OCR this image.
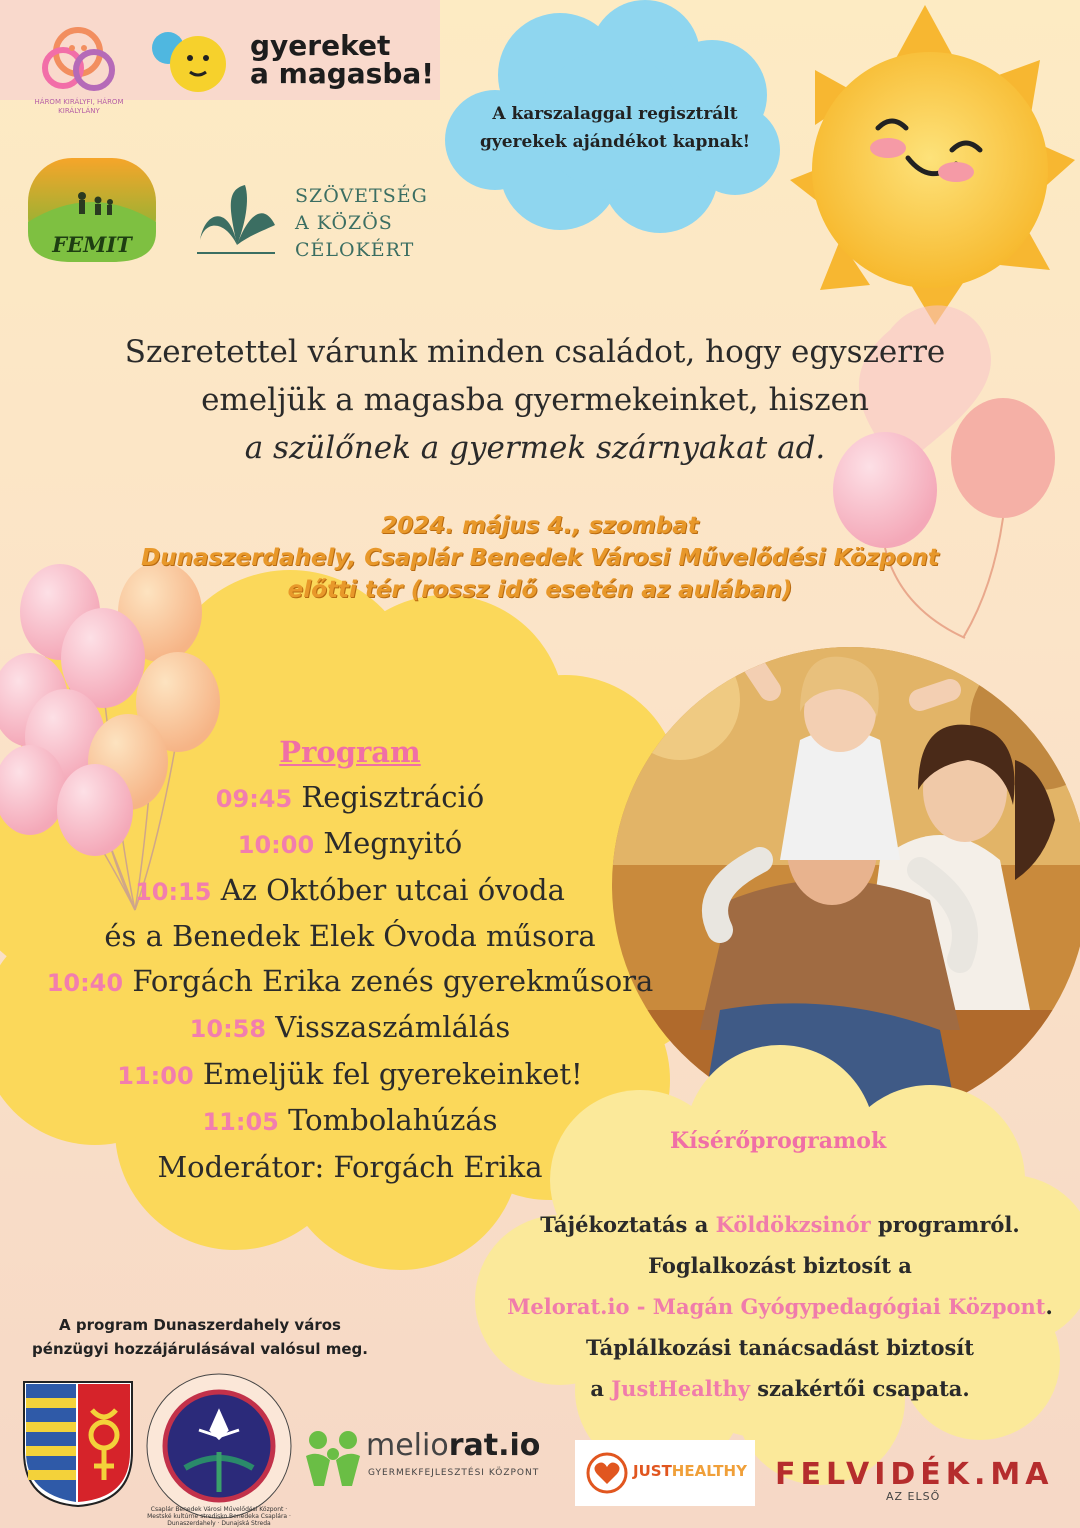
HÁROM KIRÁLYFI, HÁROM KIRÁLYLÁNY
gyereket
a magasba!
FEMIT
SZÖVETSÉG
A KÖZÖS
CÉLOKÉRT
A karszalaggal regisztrált
gyerekek ajándékot kapnak!
Szeretettel várunk minden családot, hogy egyszerre
emeljük a magasba gyermekeinket, hiszen
a szülőnek a gyermek szárnyakat ad.
2024. május 4., szombat
Dunaszerdahely, Csaplár Benedek Városi Művelődési Központ
előtti tér (rossz idő esetén az aulában)
Program
09:45 Regisztráció
10:00 Megnyitó
10:15 Az Október utcai óvoda
és a Benedek Elek Óvoda műsora
10:40 Forgách Erika zenés gyerekműsora
10:58 Visszaszámlálás
11:00 Emeljük fel gyerekeinket!
11:05 Tombolahúzás
Moderátor: Forgách Erika
Kísérőprogramok
Tájékoztatás a Köldökzsinór programról.
Foglalkozást biztosít a
Melorat.io - Magán Gyógypedagógiai Központ.
Táplálkozási tanácsadást biztosít
a JustHealthy szakértői csapata.
A program Dunaszerdahely város
pénzügyi hozzájárulásával valósul meg.
Csaplár Benedek Városi Művelődési Központ · Mestské kultúrne stredisko Benedeka Csaplára · Dunaszerdahely · Dunajská Streda
meliorat.io
GYERMEKFEJLESZTÉSI KÖZPONT	JUSTHEALTHY FELVIDÉK.MA
AZ ELSŐ
